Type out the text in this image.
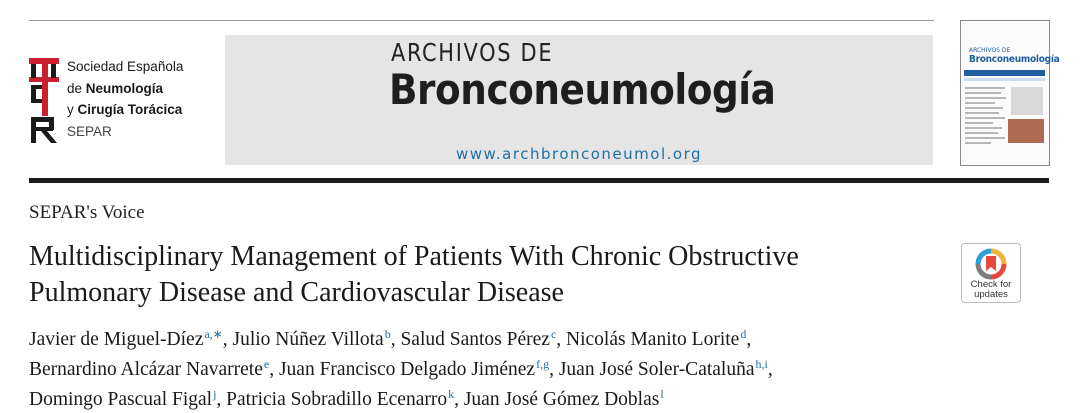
Sociedad Española
de Neumología
y Cirugía Torácica
SEPAR
ARCHIVOS DE
Bronconeumología
www.archbronconeumol.org
ARCHIVOS DE
Bronconeumología
SEPAR's Voice
Multidisciplinary Management of Patients With Chronic Obstructive
Pulmonary Disease and Cardiovascular Disease	Check for
updates
Javier de Miguel-Díez$^{a,∗}$, Julio Núñez Villota$^b$, Salud Santos Pérez$^c$, Nicolás Manito Lorite$^d$,
Bernardino Alcázar Navarrete$^e$, Juan Francisco Delgado Jiménez$^{f,g}$, Juan José Soler-Cataluña$^{h,i}$,
Domingo Pascual Figal$^j$, Patricia Sobradillo Ecenarro$^k$, Juan José Gómez Doblas$^l$
